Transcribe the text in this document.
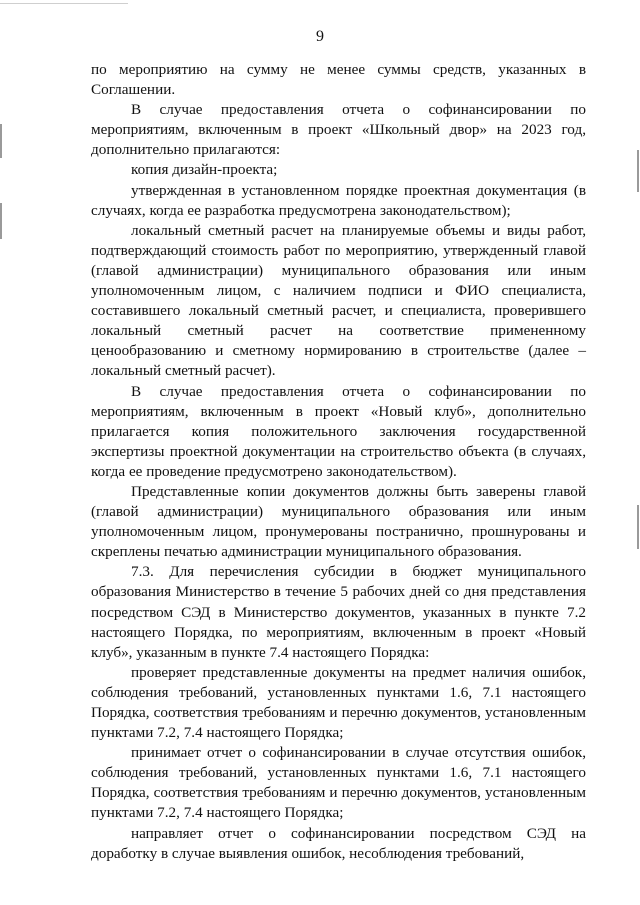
9

по мероприятию на сумму не менее суммы средств, указанных в Соглашении.

В случае предоставления отчета о софинансировании по мероприятиям, включенным в проект «Школьный двор» на 2023 год, дополнительно прилагаются:

копия дизайн-проекта;

утвержденная в установленном порядке проектная документация (в случаях, когда ее разработка предусмотрена законодательством);

локальный сметный расчет на планируемые объемы и виды работ, подтверждающий стоимость работ по мероприятию, утвержденный главой (главой администрации) муниципального образования или иным уполномоченным лицом, с наличием подписи и ФИО специалиста, составившего локальный сметный расчет, и специалиста, проверившего локальный сметный расчет на соответствие примененному ценообразованию и сметному нормированию в строительстве (далее – локальный сметный расчет).

В случае предоставления отчета о софинансировании по мероприятиям, включенным в проект «Новый клуб», дополнительно прилагается копия положительного заключения государственной экспертизы проектной документации на строительство объекта (в случаях, когда ее проведение предусмотрено законодательством).

Представленные копии документов должны быть заверены главой (главой администрации) муниципального образования или иным уполномоченным лицом, пронумерованы постранично, прошнурованы и скреплены печатью администрации муниципального образования.

7.3. Для перечисления субсидии в бюджет муниципального образования Министерство в течение 5 рабочих дней со дня представления посредством СЭД в Министерство документов, указанных в пункте 7.2 настоящего Порядка, по мероприятиям, включенным в проект «Новый клуб», указанным в пункте 7.4 настоящего Порядка:

проверяет представленные документы на предмет наличия ошибок, соблюдения требований, установленных пунктами 1.6, 7.1 настоящего Порядка, соответствия требованиям и перечню документов, установленным пунктами 7.2, 7.4 настоящего Порядка;

принимает отчет о софинансировании в случае отсутствия ошибок, соблюдения требований, установленных пунктами 1.6, 7.1 настоящего Порядка, соответствия требованиям и перечню документов, установленным пунктами 7.2, 7.4 настоящего Порядка;

направляет отчет о софинансировании посредством СЭД на доработку в случае выявления ошибок, несоблюдения требований,
